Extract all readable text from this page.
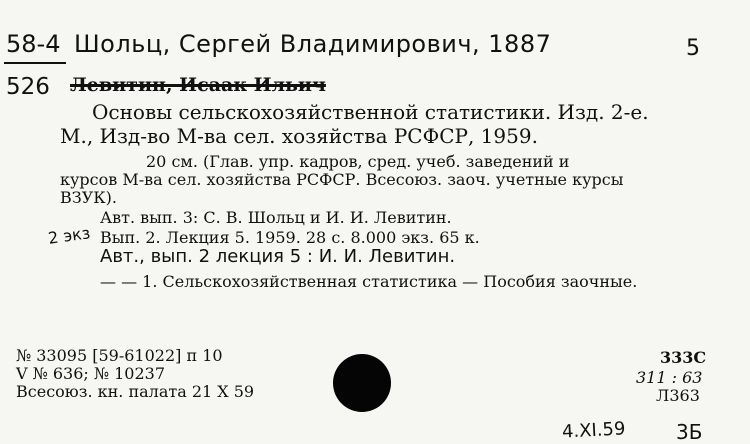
58-4 Шольц, Сергей Владимирович, 1887	5
526 Левитин, Исаак Ильич
Основы сельскохозяйственной статистики. Изд. 2-е.
М., Изд-во М-ва сел. хозяйства РСФСР, 1959.
20 см. (Глав. упр. кадров, сред. учеб. заведений и
курсов М-ва сел. хозяйства РСФСР. Всесоюз. заоч. учетные курсы
ВЗУК).
Авт. вып. 3: С. В. Шольц и И. И. Левитин.
2 экз Вып. 2. Лекция 5. 1959. 28 с. 8.000 экз. 65 к.
Авт., вып. 2 лекция 5 : И. И. Левитин.
— — 1. Сельскохозяйственная статистика — Пособия заочные.
№ 33095 [59-61022] п 10
V № 636; № 10237
Всесоюз. кн. палата 21 X 59
333С
311 : 63
Л363
4.XI.59	3Б
